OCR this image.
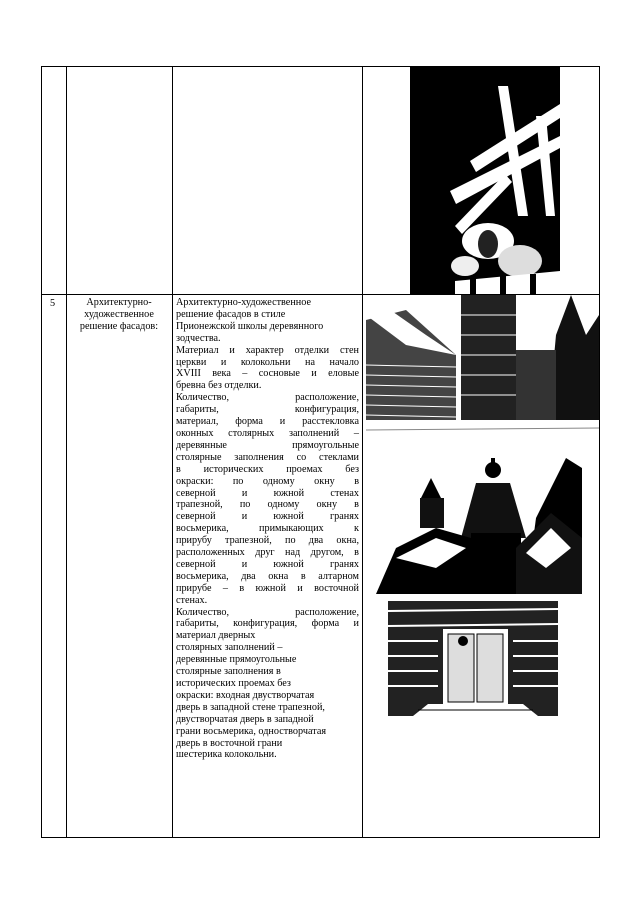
5	Архитектурно-художественное решение фасадов:

Архитектурно-художественное

решение фасадов в стиле

Прионежской школы деревянного

зодчества.

Материал и характер отделки стен

церкви и колокольни на начало

XVIII века – сосновые и еловые

бревна без отделки.

Количество, расположение,

габариты, конфигурация,

материал, форма и расстекловка

оконных столярных заполнений –

деревянные прямоугольные

столярные заполнения со стеклами

в исторических проемах без

окраски: по одному окну в

северной и южной стенах

трапезной, по одному окну в

северной и южной гранях

восьмерика, примыкающих к

прирубу трапезной, по два окна,

расположенных друг над другом, в

северной и южной гранях

восьмерика, два окна в алтарном

прирубе – в южной и восточной

стенах.

Количество, расположение,

габариты, конфигурация, форма и

материал дверных

столярных заполнений –

деревянные прямоугольные

столярные заполнения в

исторических проемах без

окраски: входная двустворчатая

дверь в западной стене трапезной,

двустворчатая дверь в западной

грани восьмерика, одностворчатая

дверь в восточной грани

шестерика колокольни.
